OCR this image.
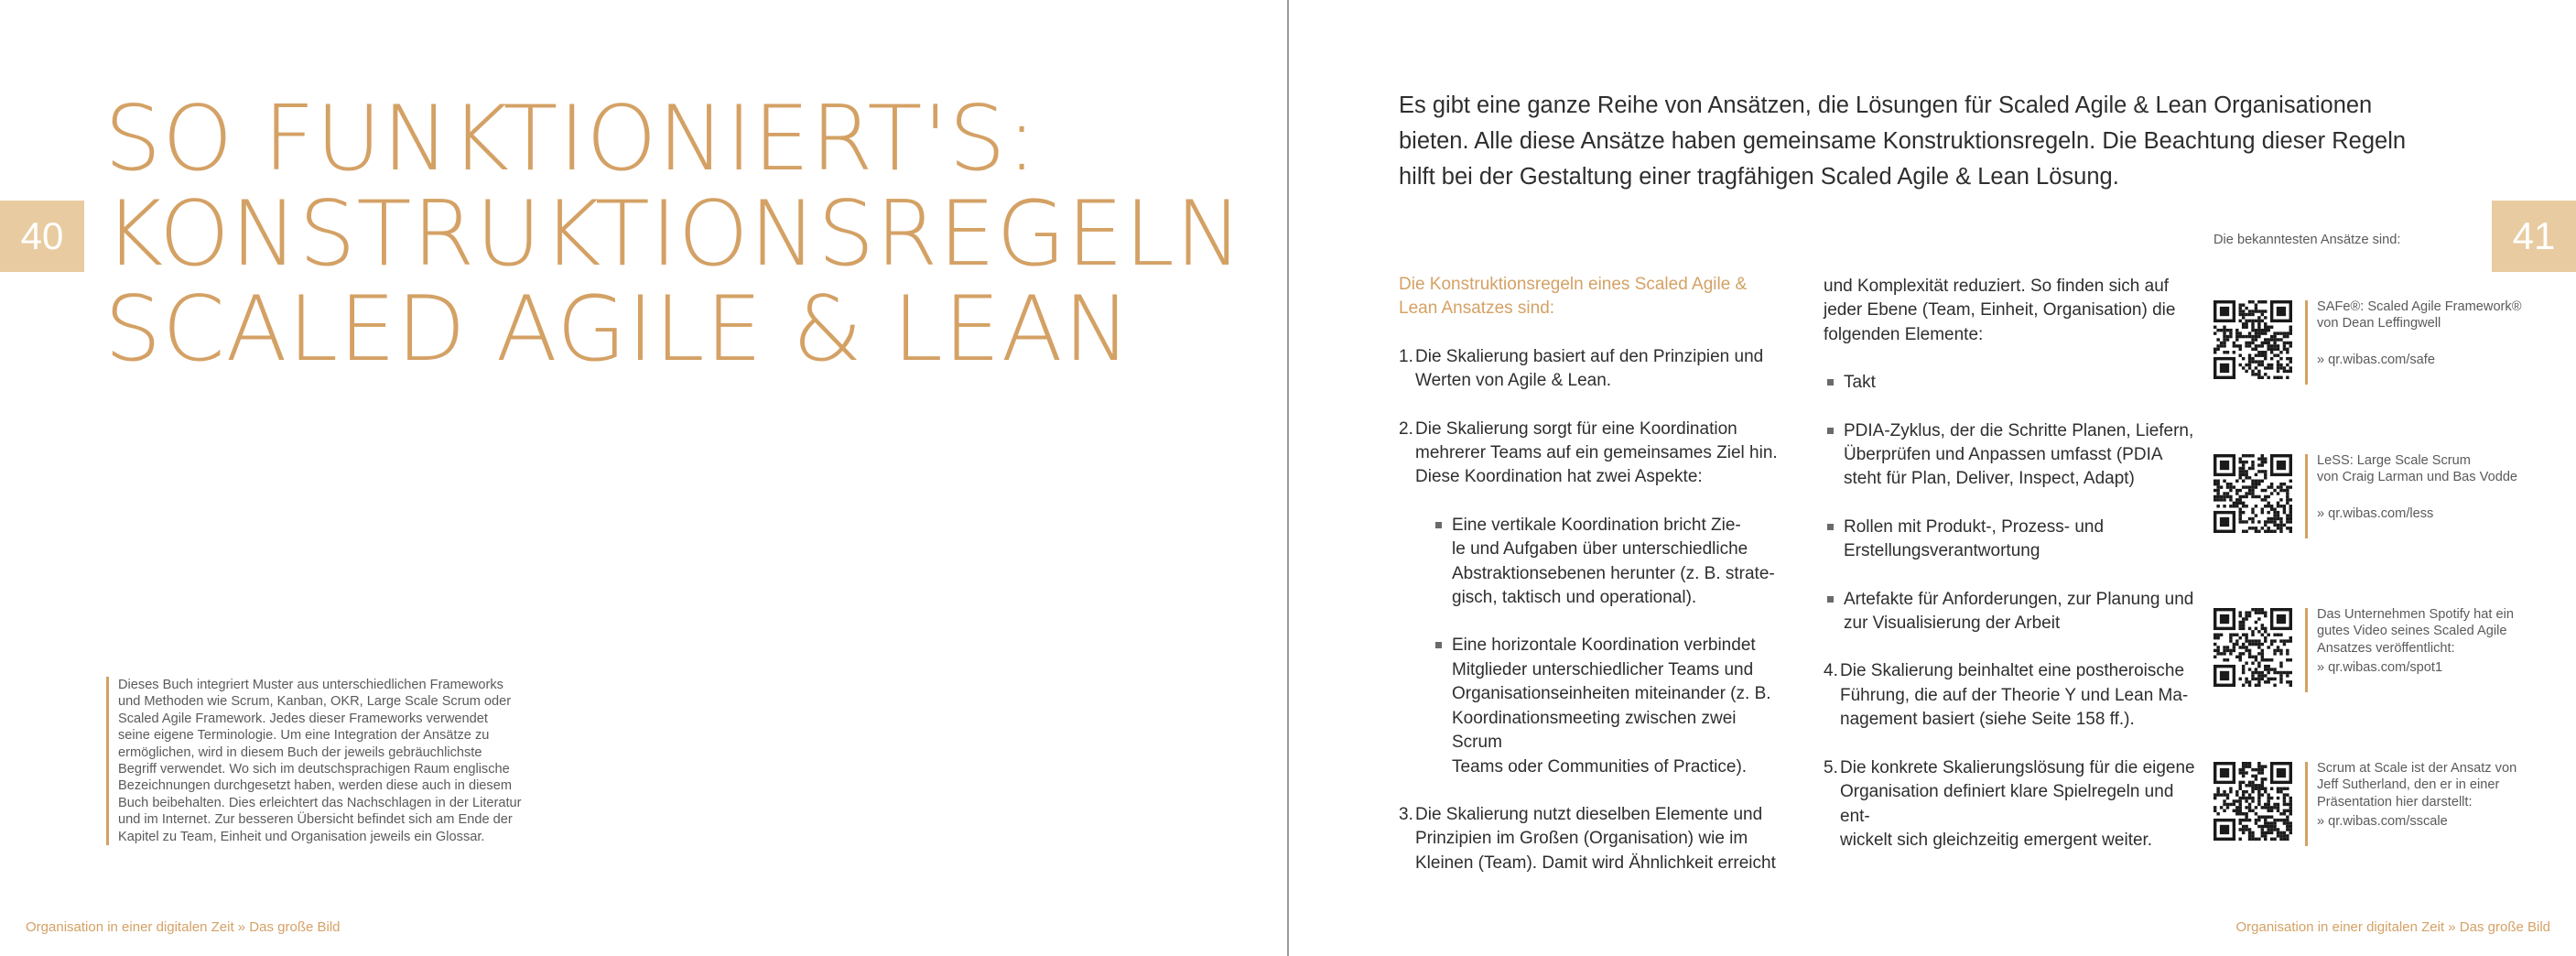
40
SO FUNKTIONIERT'S:
KONSTRUKTIONSREGELN
SCALED AGILE & LEAN
Dieses Buch integriert Muster aus unterschiedlichen Frameworks
und Methoden wie Scrum, Kanban, OKR, Large Scale Scrum oder
Scaled Agile Framework. Jedes dieser Frameworks verwendet
seine eigene Terminologie. Um eine Integration der Ansätze zu
ermöglichen, wird in diesem Buch der jeweils gebräuchlichste
Begriff verwendet. Wo sich im deutschsprachigen Raum englische
Bezeichnungen durchgesetzt haben, werden diese auch in diesem
Buch beibehalten. Dies erleichtert das Nachschlagen in der Literatur
und im Internet. Zur besseren Übersicht befindet sich am Ende der
Kapitel zu Team, Einheit und Organisation jeweils ein Glossar.
Organisation in einer digitalen Zeit » Das große Bild
41
Es gibt eine ganze Reihe von Ansätzen, die Lösungen für Scaled Agile & Lean Organisationen
bieten. Alle diese Ansätze haben gemeinsame Konstruktionsregeln. Die Beachtung dieser Regeln
hilft bei der Gestaltung einer tragfähigen Scaled Agile & Lean Lösung.
Die Konstruktionsregeln eines Scaled Agile &
Lean Ansatzes sind:
1. Die Skalierung basiert auf den Prinzipien und
Werten von Agile & Lean.
2. Die Skalierung sorgt für eine Koordination
mehrerer Teams auf ein gemeinsames Ziel hin.
Diese Koordination hat zwei Aspekte:
Eine vertikale Koordination bricht Zie-
le und Aufgaben über unterschiedliche
Abstraktionsebenen herunter (z. B. strate-
gisch, taktisch und operational).
Eine horizontale Koordination verbindet
Mitglieder unterschiedlicher Teams und
Organisationseinheiten miteinander (z. B.
Koordinationsmeeting zwischen zwei Scrum
Teams oder Communities of Practice).
3. Die Skalierung nutzt dieselben Elemente und
Prinzipien im Großen (Organisation) wie im
Kleinen (Team). Damit wird Ähnlichkeit erreicht
und Komplexität reduziert. So finden sich auf
jeder Ebene (Team, Einheit, Organisation) die
folgenden Elemente:
Takt
PDIA-Zyklus, der die Schritte Planen, Liefern,
Überprüfen und Anpassen umfasst (PDIA
steht für Plan, Deliver, Inspect, Adapt)
Rollen mit Produkt-, Prozess- und
Erstellungsverantwortung
Artefakte für Anforderungen, zur Planung und
zur Visualisierung der Arbeit
4. Die Skalierung beinhaltet eine postheroische
Führung, die auf der Theorie Y und Lean Ma-
nagement basiert (siehe Seite 158 ff.).
5. Die konkrete Skalierungslösung für die eigene
Organisation definiert klare Spielregeln und ent-
wickelt sich gleichzeitig emergent weiter.
Die bekanntesten Ansätze sind:
SAFe®: Scaled Agile Framework®
von Dean Leffingwell
» qr.wibas.com/safe
LeSS: Large Scale Scrum
von Craig Larman und Bas Vodde
» qr.wibas.com/less
Das Unternehmen Spotify hat ein
gutes Video seines Scaled Agile
Ansatzes veröffentlicht:
» qr.wibas.com/spot1
Scrum at Scale ist der Ansatz von
Jeff Sutherland, den er in einer
Präsentation hier darstellt:
» qr.wibas.com/sscale
Organisation in einer digitalen Zeit » Das große Bild
